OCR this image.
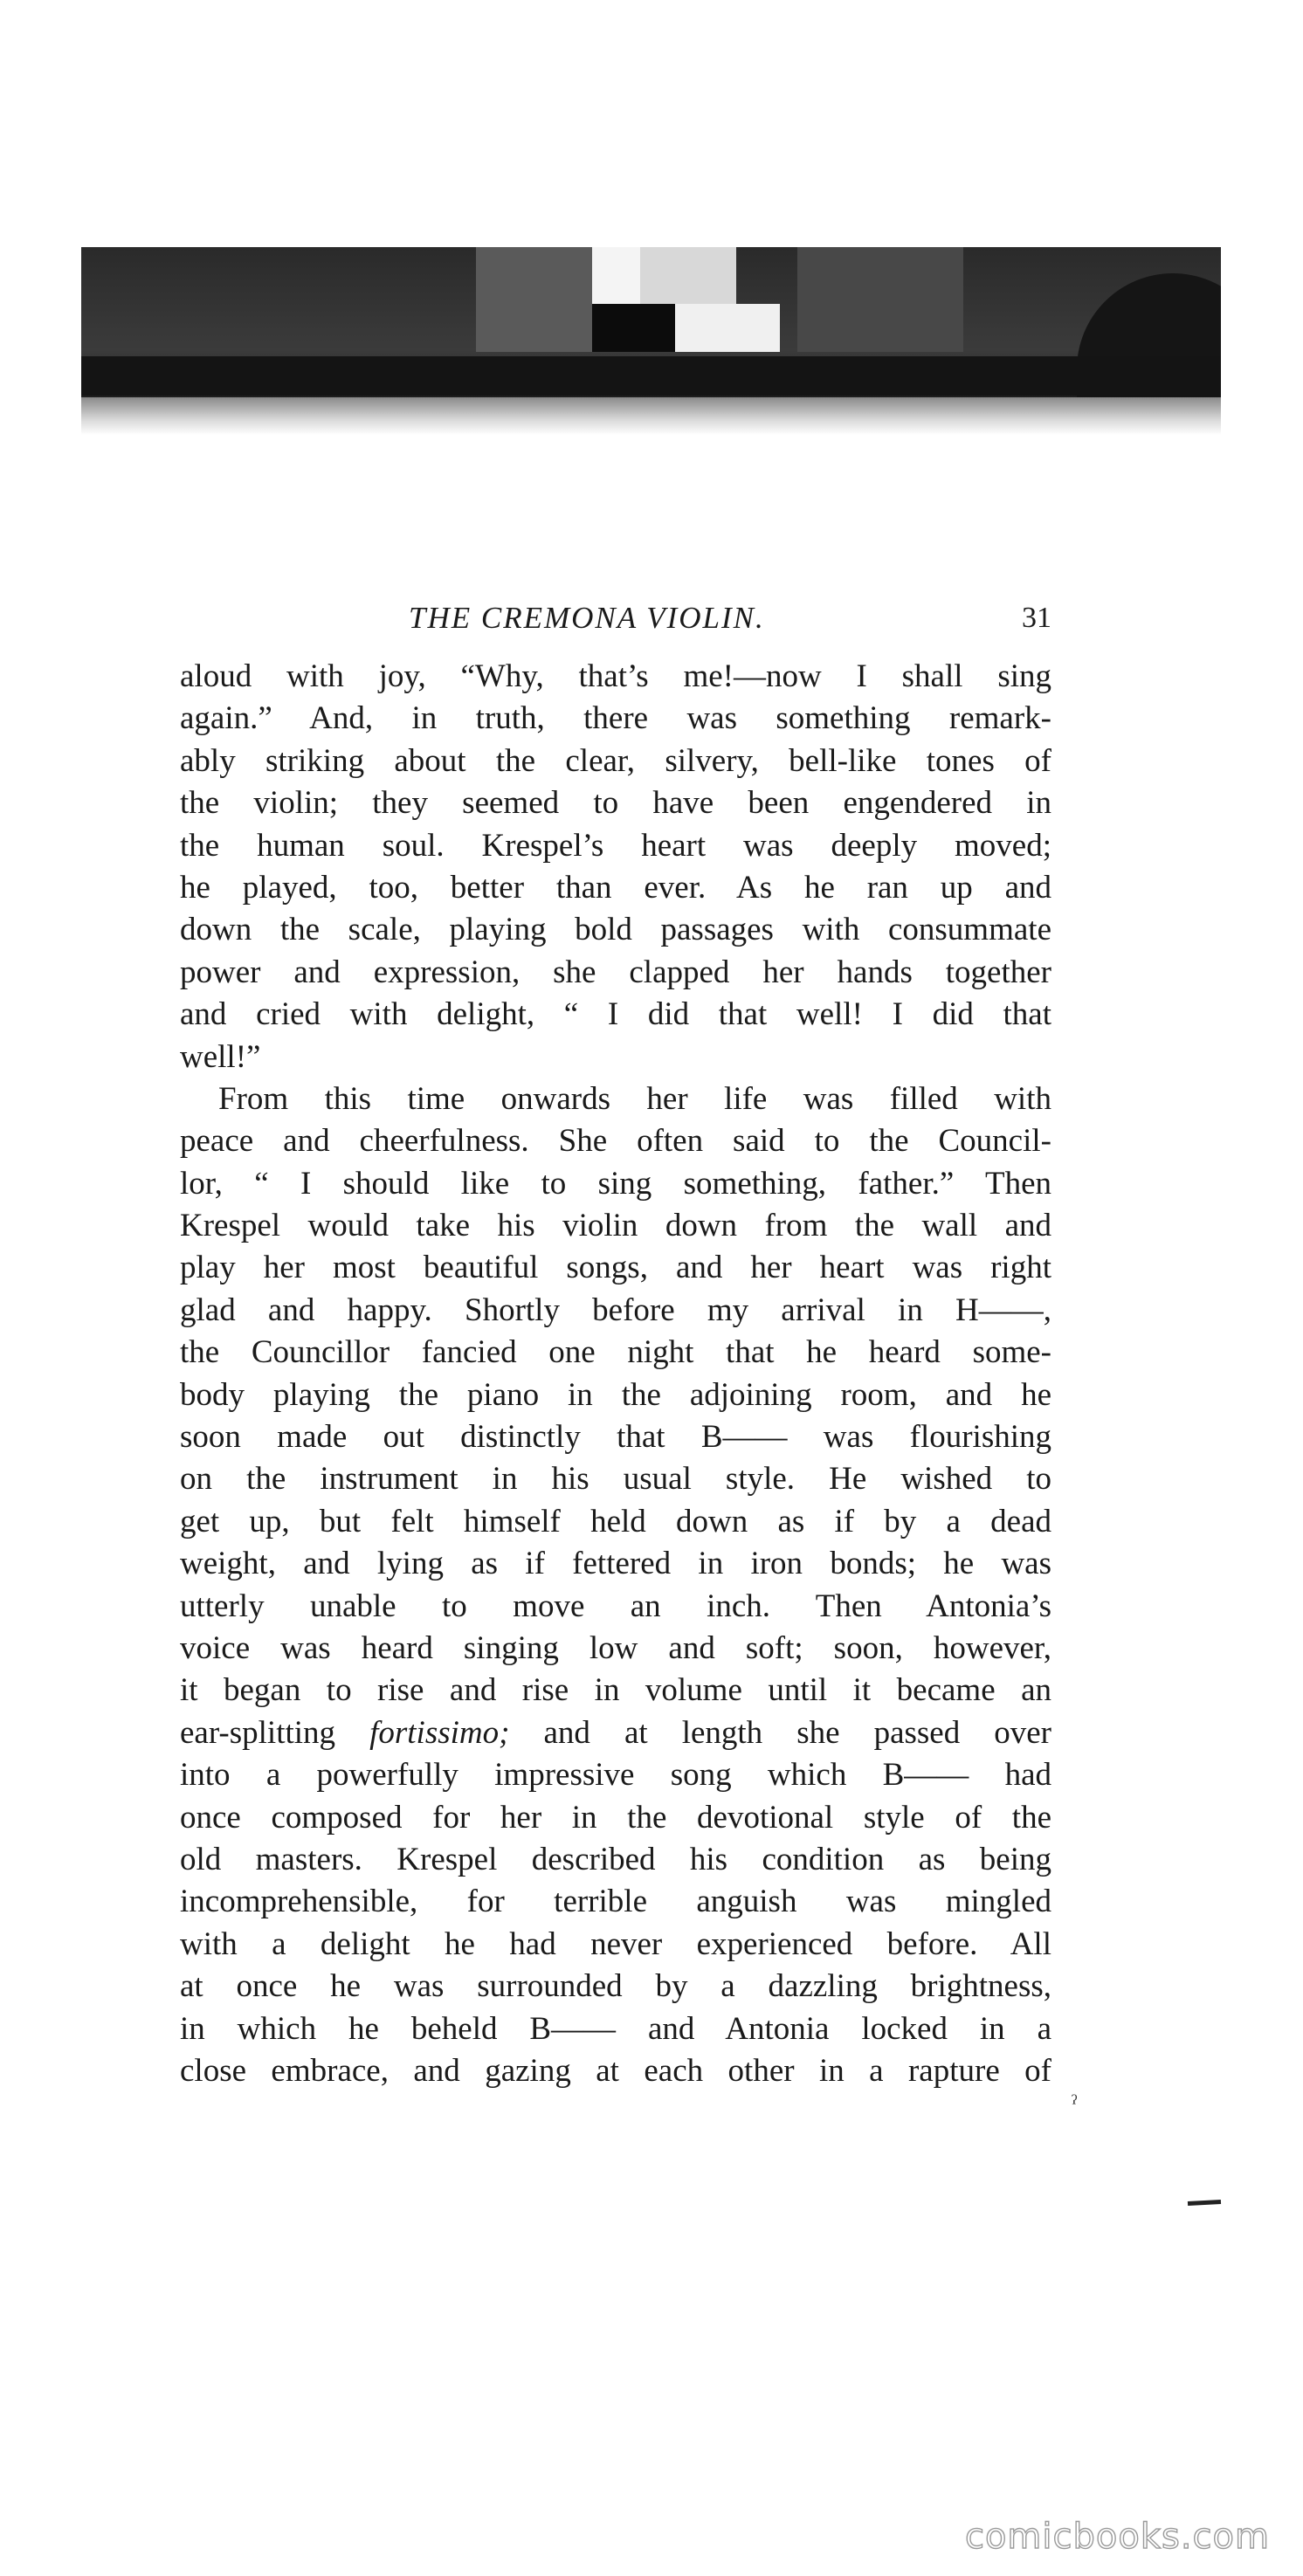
THE CREMONA VIOLIN.	31
aloud with joy, “Why, that’s me!—now I shall sing
again.” And, in truth, there was something remark-
ably striking about the clear, silvery, bell-like tones of
the violin; they seemed to have been engendered in
the human soul. Krespel’s heart was deeply moved;
he played, too, better than ever. As he ran up and
down the scale, playing bold passages with consummate
power and expression, she clapped her hands together
and cried with delight, “ I did that well! I did that
well!”
From this time onwards her life was filled with
peace and cheerfulness. She often said to the Council-
lor, “ I should like to sing something, father.” Then
Krespel would take his violin down from the wall and
play her most beautiful songs, and her heart was right
glad and happy. Shortly before my arrival in H——,
the Councillor fancied one night that he heard some-
body playing the piano in the adjoining room, and he
soon made out distinctly that B—— was flourishing
on the instrument in his usual style. He wished to
get up, but felt himself held down as if by a dead
weight, and lying as if fettered in iron bonds; he was
utterly unable to move an inch. Then Antonia’s
voice was heard singing low and soft; soon, however,
it began to rise and rise in volume until it became an
ear-splitting fortissimo; and at length she passed over
into a powerfully impressive song which B—— had
once composed for her in the devotional style of the
old masters. Krespel described his condition as being
incomprehensible, for terrible anguish was mingled
with a delight he had never experienced before. All
at once he was surrounded by a dazzling brightness,
in which he beheld B—— and Antonia locked in a
close embrace, and gazing at each other in a rapture of
ˀ
comicbooks.com
